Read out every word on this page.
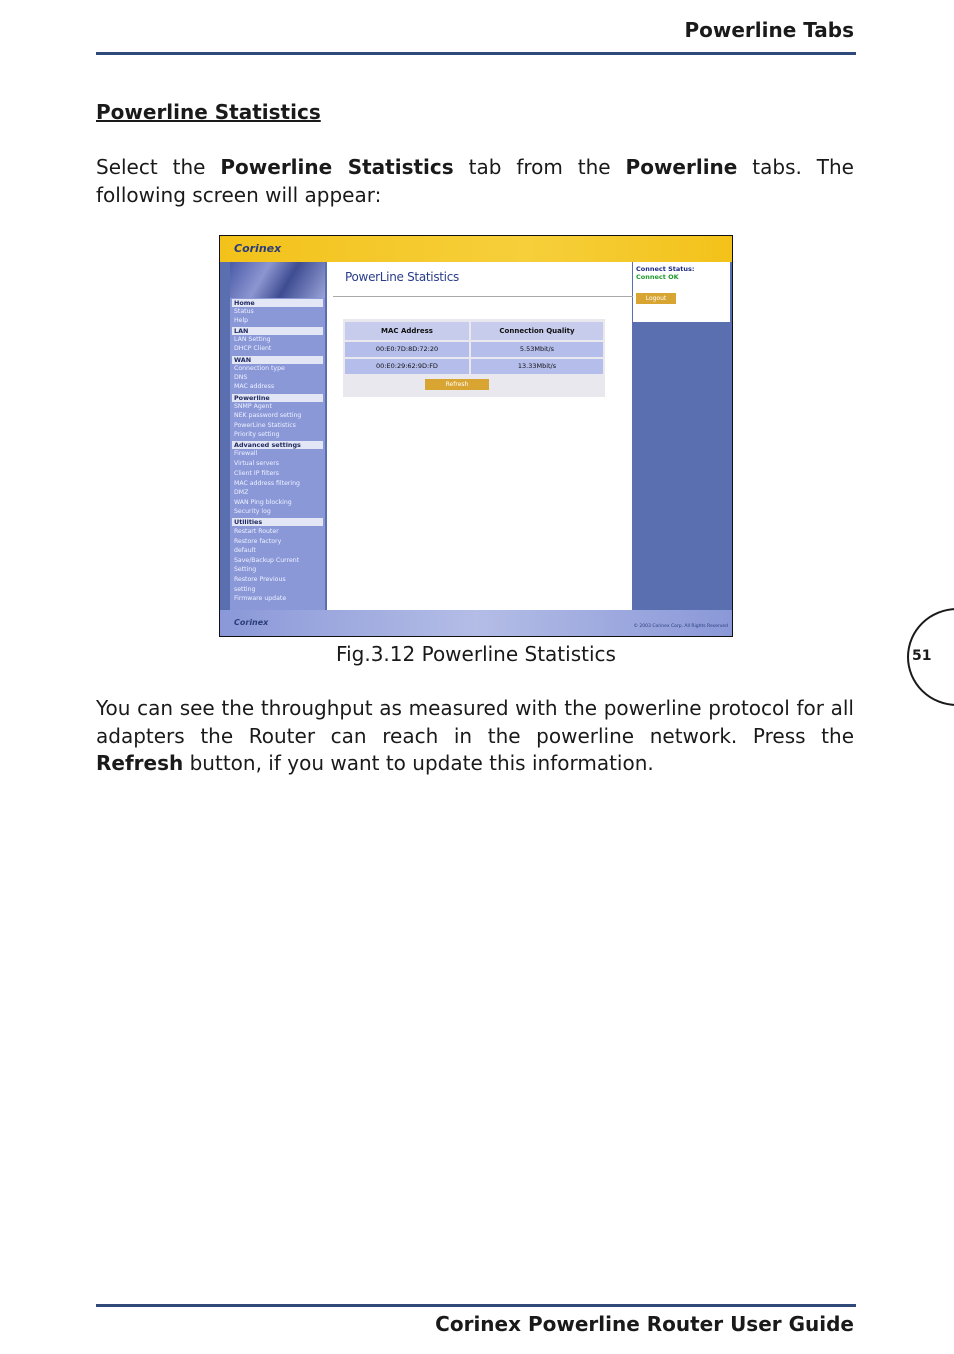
Powerline Tabs
Powerline Statistics

Select the Powerline Statistics tab from the Powerline tabs. The following screen will appear:

Corinex
Home
Status
Help
LAN
LAN Setting
DHCP Client
WAN
Connection type
DNS
MAC address
Powerline
SNMP Agent
NEK password setting
PowerLine Statistics
Priority setting
Advanced settings
Firewall
Virtual servers
Client IP filters
MAC address filtering
DMZ
WAN Ping blocking
Security log
Utilities
Restart Router
Restore factory
default
Save/Backup Current
Setting
Restore Previous
setting
Firmware update
PowerLine Statistics
MAC Address	Connection Quality
00:E0:7D:8D:72:20	5.53Mbit/s
00:E0:29:62:9D:FD	13.33Mbit/s
Refresh
Connect Status:
Connect OK
Logout
Corinex	© 2003 Corinex Corp. All Rights Reserved
Fig.3.12 Powerline Statistics

You can see the throughput as measured with the powerline protocol for all adapters the Router can reach in the powerline network. Press the Refresh button, if you want to update this information.

51
Corinex Powerline Router User Guide
